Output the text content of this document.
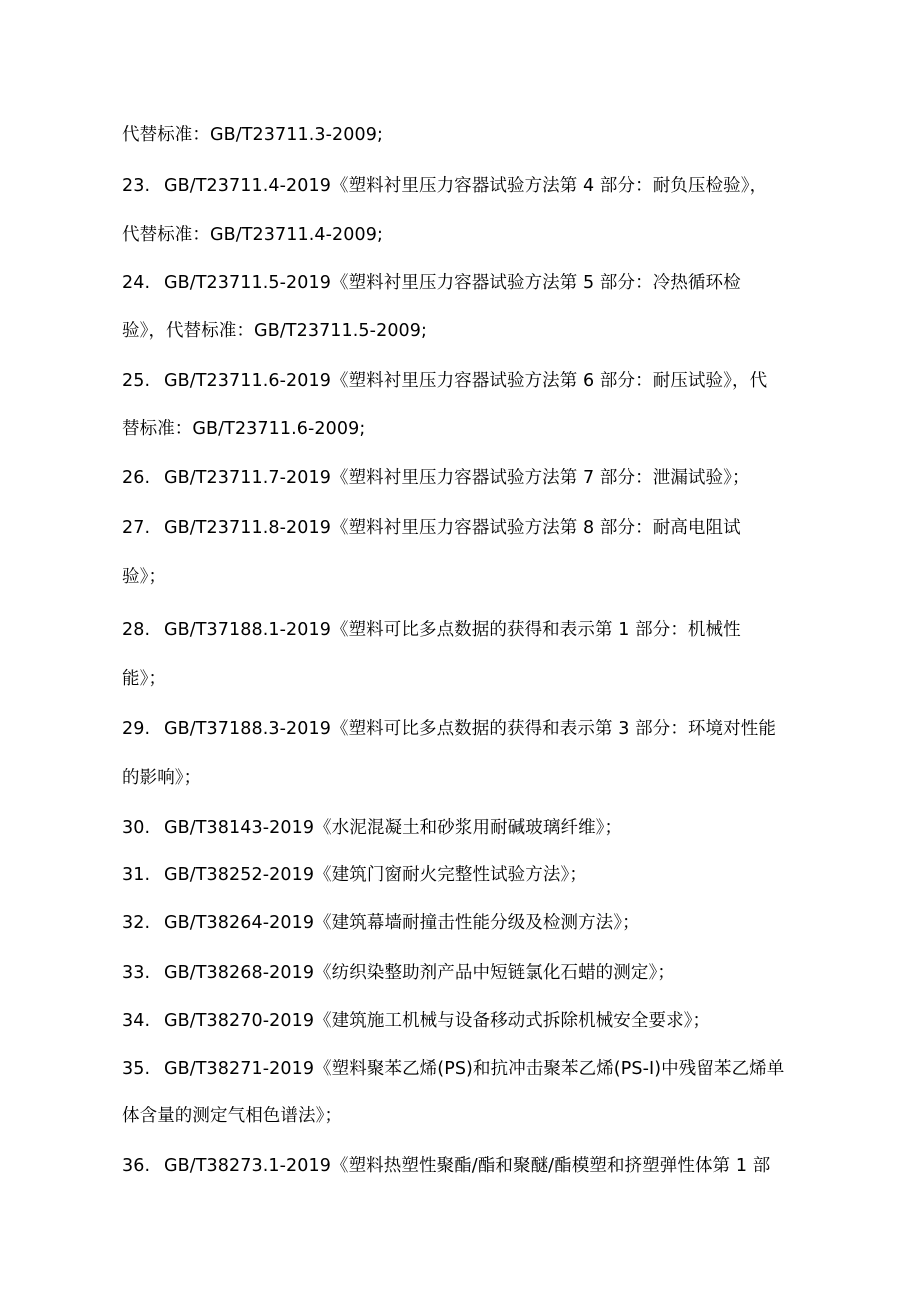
代替标准：GB/T23711.3-2009;
23. GB/T23711.4-2019《塑料衬里压力容器试验方法第 4 部分：耐负压检验》，
代替标准：GB/T23711.4-2009;
24. GB/T23711.5-2019《塑料衬里压力容器试验方法第 5 部分：冷热循环检
验》，代替标准：GB/T23711.5-2009;
25. GB/T23711.6-2019《塑料衬里压力容器试验方法第 6 部分：耐压试验》，代
替标准：GB/T23711.6-2009;
26. GB/T23711.7-2019《塑料衬里压力容器试验方法第 7 部分：泄漏试验》；
27. GB/T23711.8-2019《塑料衬里压力容器试验方法第 8 部分：耐高电阻试
验》；
28. GB/T37188.1-2019《塑料可比多点数据的获得和表示第 1 部分：机械性
能》；
29. GB/T37188.3-2019《塑料可比多点数据的获得和表示第 3 部分：环境对性能
的影响》；
30. GB/T38143-2019《水泥混凝土和砂浆用耐碱玻璃纤维》；
31. GB/T38252-2019《建筑门窗耐火完整性试验方法》；
32. GB/T38264-2019《建筑幕墙耐撞击性能分级及检测方法》；
33. GB/T38268-2019《纺织染整助剂产品中短链氯化石蜡的测定》；
34. GB/T38270-2019《建筑施工机械与设备移动式拆除机械安全要求》；
35. GB/T38271-2019《塑料聚苯乙烯(PS)和抗冲击聚苯乙烯(PS-I)中残留苯乙烯单
体含量的测定气相色谱法》；
36. GB/T38273.1-2019《塑料热塑性聚酯/酯和聚醚/酯模塑和挤塑弹性体第 1 部
